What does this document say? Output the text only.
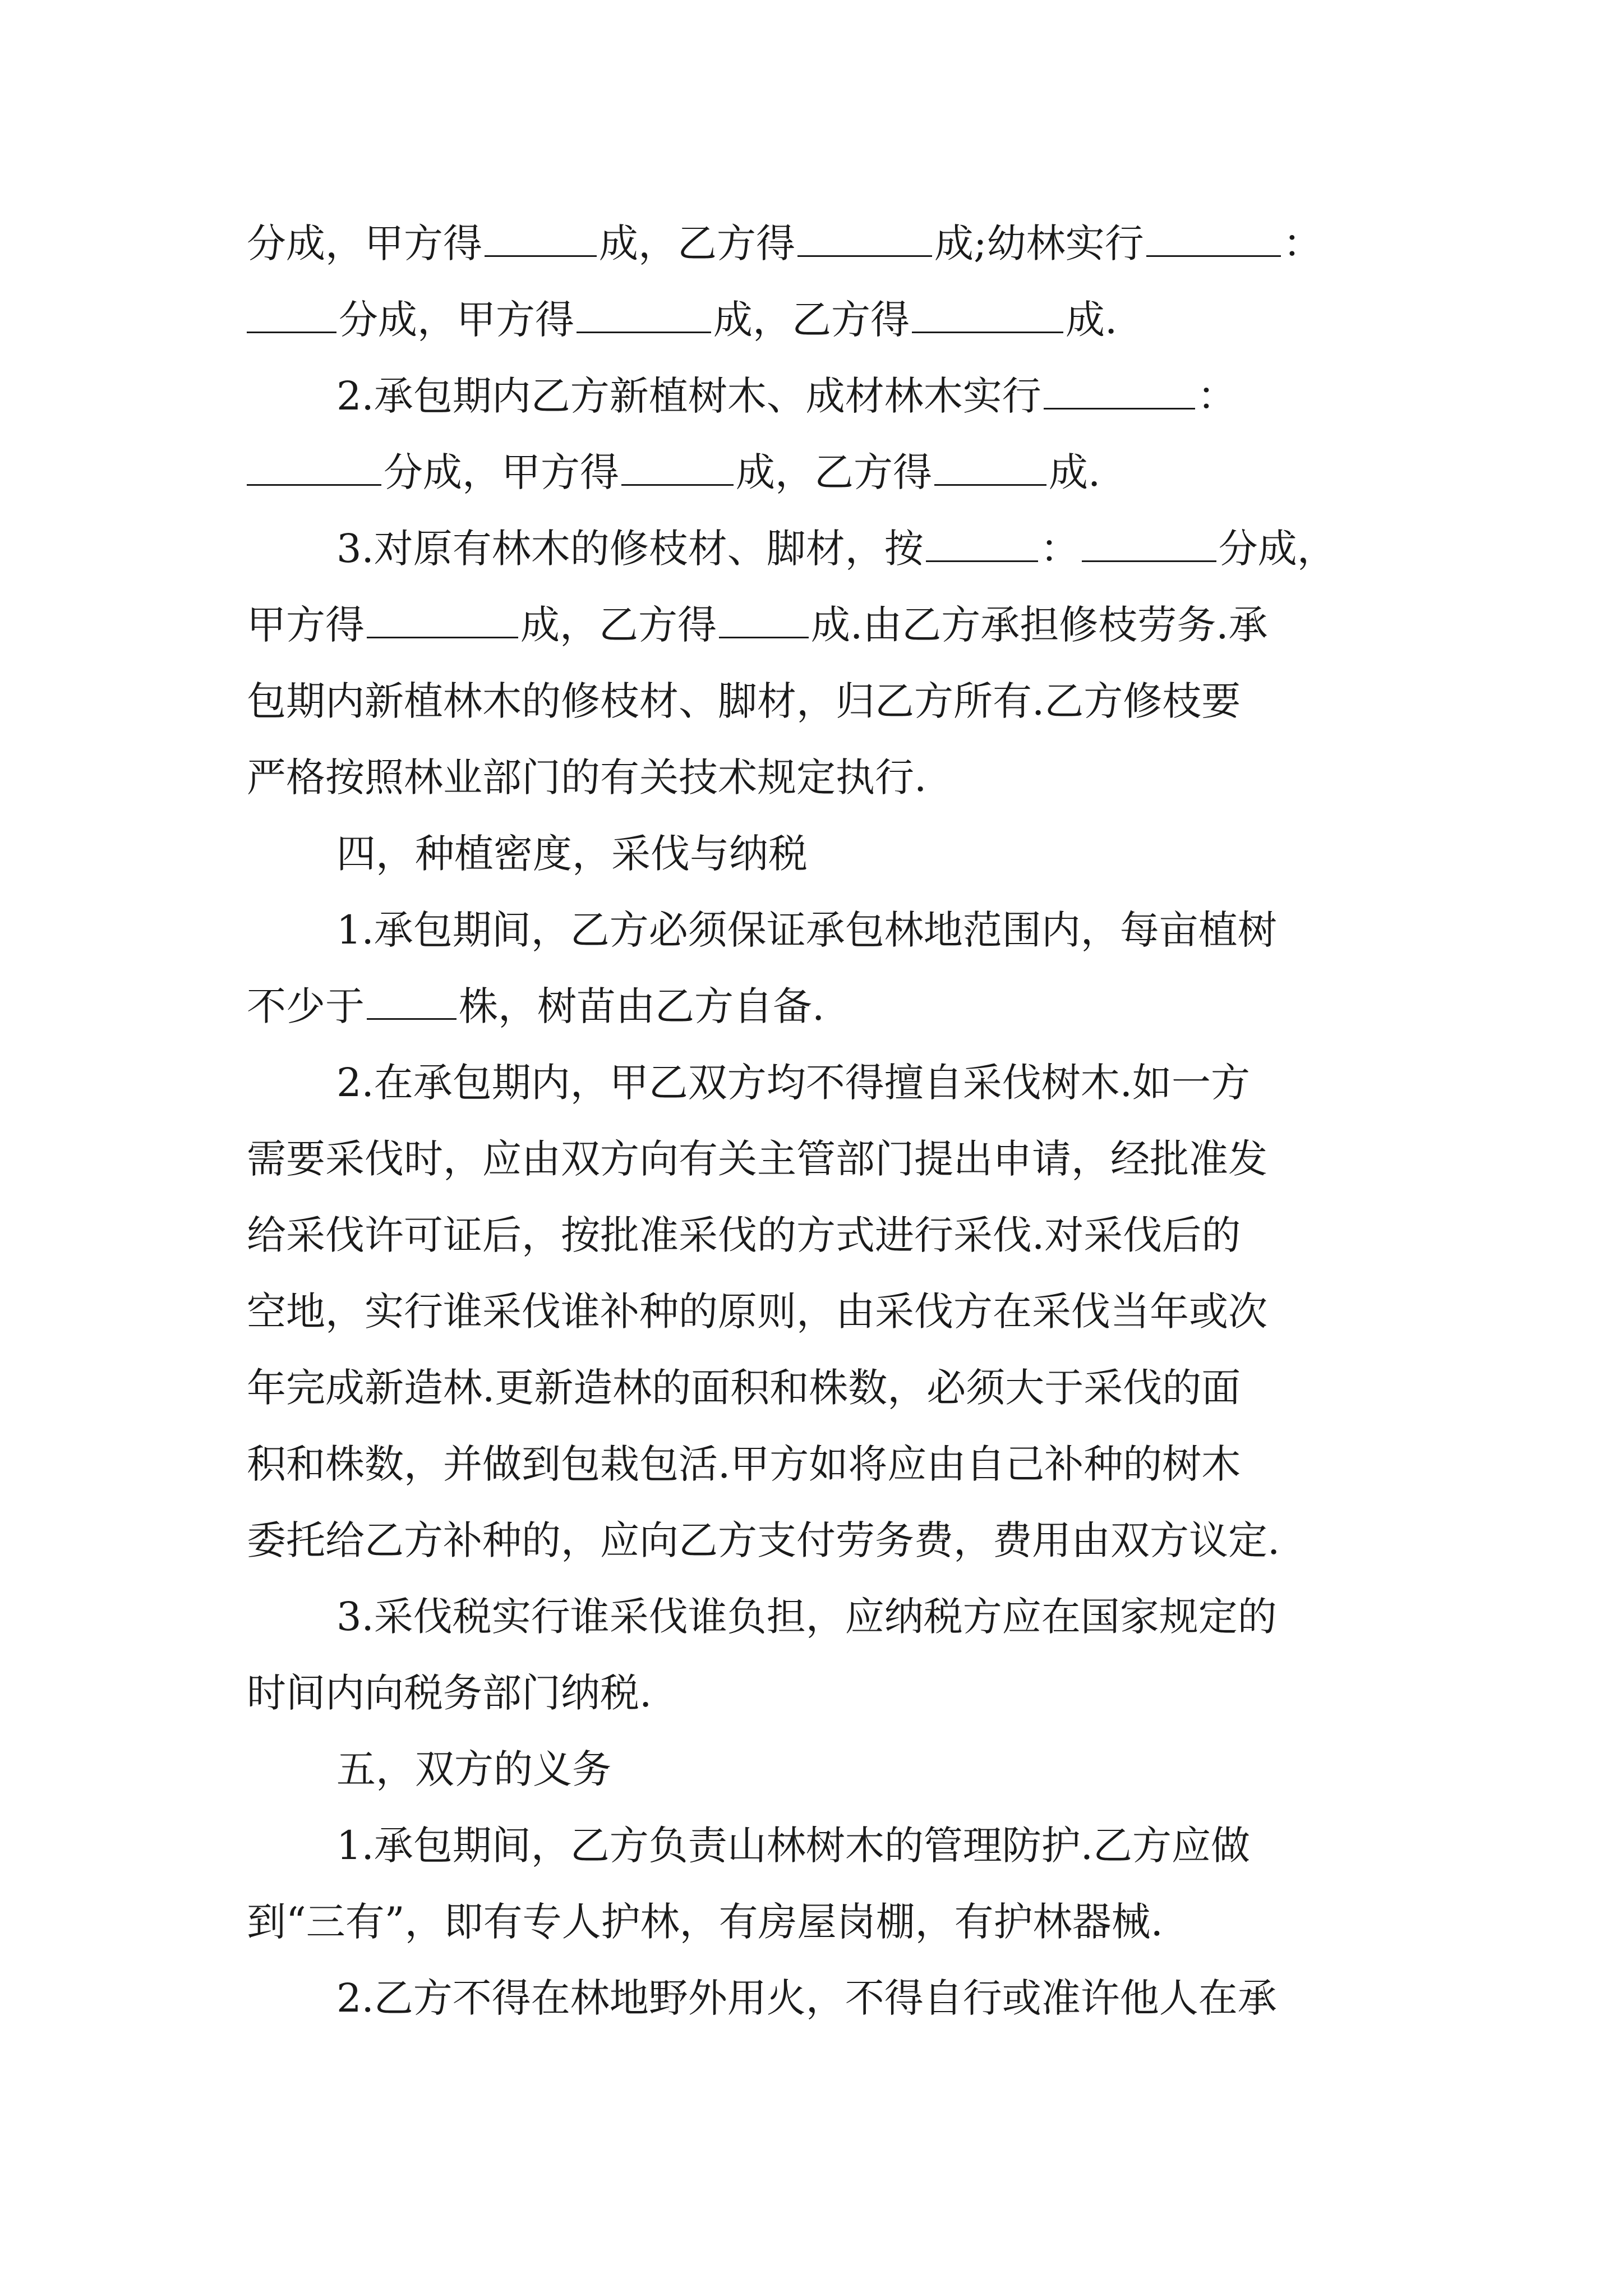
分成，甲方得	成，乙方得	成;幼林实行	：
分成，甲方得	成，乙方得	成.
2.承包期内乙方新植树木、成材林木实行	：
分成，甲方得	成，乙方得	成.
3.对原有林木的修枝材、脚材，按	：	分成，
甲方得	成，乙方得 成.由乙方承担修枝劳务.承
包期内新植林木的修枝材、脚材，归乙方所有.乙方修枝要
严格按照林业部门的有关技术规定执行.
四，种植密度，采伐与纳税
1.承包期间，乙方必须保证承包林地范围内，每亩植树
不少于 株，树苗由乙方自备.
2.在承包期内，甲乙双方均不得擅自采伐树木.如一方
需要采伐时，应由双方向有关主管部门提出申请，经批准发
给采伐许可证后，按批准采伐的方式进行采伐.对采伐后的
空地，实行谁采伐谁补种的原则，由采伐方在采伐当年或次
年完成新造林.更新造林的面积和株数，必须大于采伐的面
积和株数，并做到包栽包活.甲方如将应由自己补种的树木
委托给乙方补种的，应向乙方支付劳务费，费用由双方议定.
3.采伐税实行谁采伐谁负担，应纳税方应在国家规定的
时间内向税务部门纳税.
五，双方的义务
1.承包期间，乙方负责山林树木的管理防护.乙方应做
到“三有”，即有专人护林，有房屋岗棚，有护林器械.
2.乙方不得在林地野外用火，不得自行或准许他人在承
